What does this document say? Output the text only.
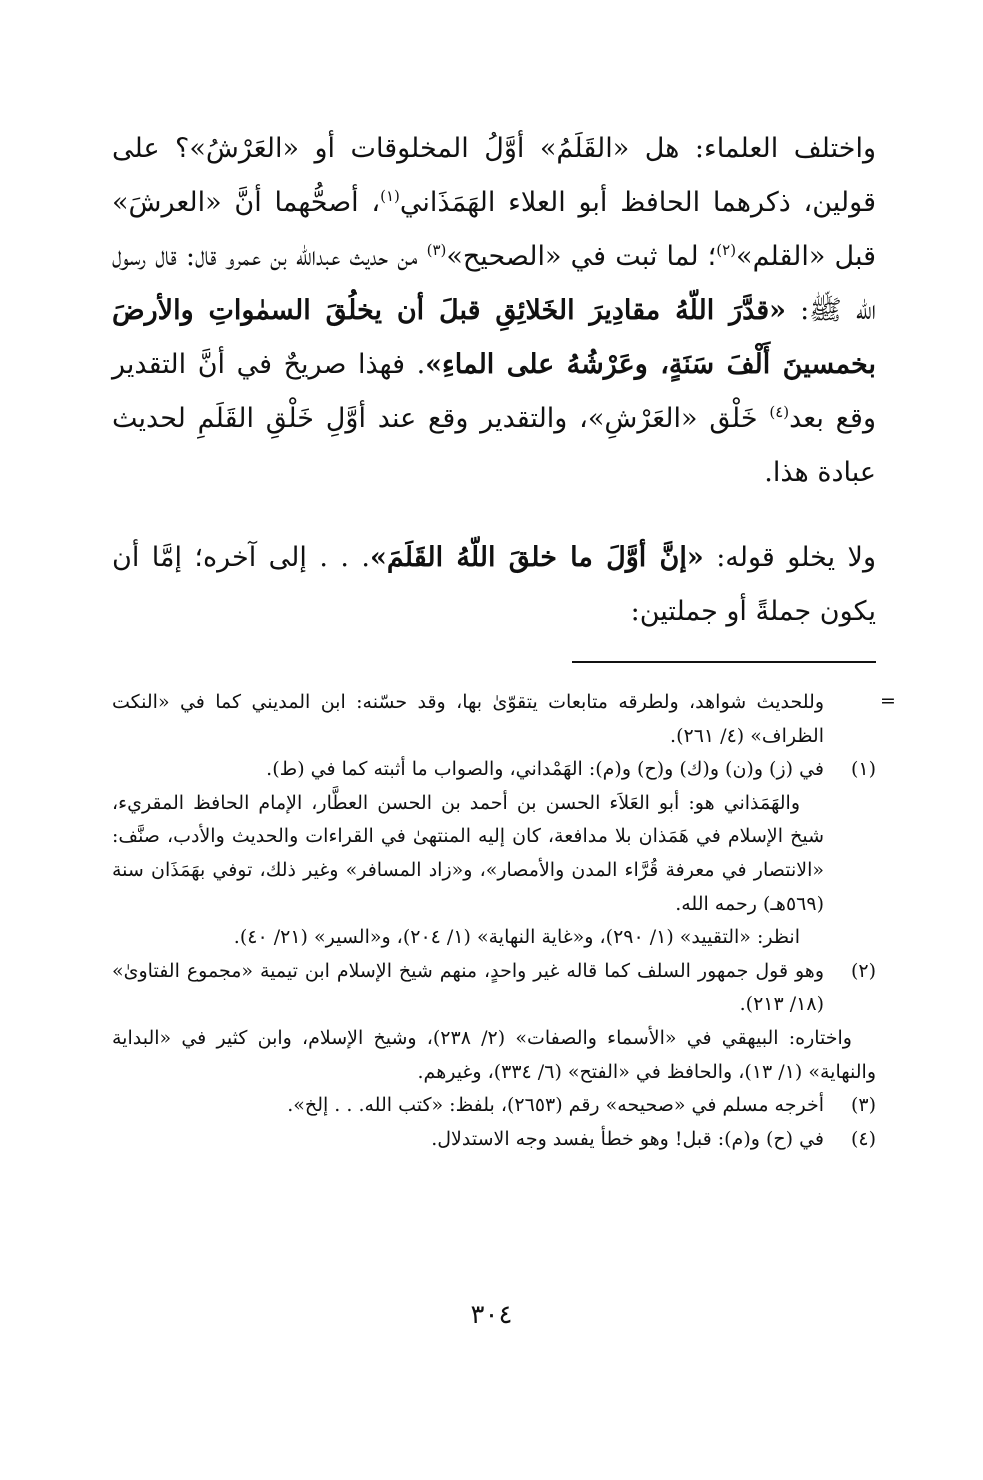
واختلف العلماء: هل «القَلَمُ» أوَّلُ المخلوقات أو «العَرْشُ»؟ على قولين، ذكرهما الحافظ أبو العلاء الهَمَذَاني$^{(١)}$، أصحُّهما أنَّ «العرشَ» قبل «القلم»$^{(٢)}$؛ لما ثبت في «الصحيح»$^{(٣)}$ من حديث عبدالله بن عمرو قال: قال رسول الله ﷺ: «قدَّرَ اللّهُ مقادِيرَ الخَلائِقِ قبلَ أن يخلُقَ السمٰواتِ والأرضَ بخمسينَ أَلْفَ سَنَةٍ، وعَرْشُهُ على الماءِ». فهذا صريحٌ في أنَّ التقدير وقع بعد$^{(٤)}$ خَلْق «العَرْشِ»، والتقدير وقع عند أوَّلِ خَلْقِ القَلَمِ لحديث عبادة هذا.

ولا يخلو قوله: «إنَّ أوَّلَ ما خلقَ اللّهُ القَلَمَ». . . إلى آخره؛ إمَّا أن يكون جملةً أو جملتين:

=
وللحديث شواهد، ولطرقه متابعات يتقوّىٰ بها، وقد حسّنه: ابن المديني كما في «النكت الظراف» (٤/ ٢٦١).
(١)
في (ز) و(ن) و(ك) و(ح) و(م): الهَمْداني، والصواب ما أثبته كما في (ط).
والهَمَذاني هو: أبو العَلاَء الحسن بن أحمد بن الحسن العطَّار، الإمام الحافظ المقريء، شيخ الإسلام في هَمَذان بلا مدافعة، كان إليه المنتهىٰ في القراءات والحديث والأدب، صنَّف: «الانتصار في معرفة قُرَّاء المدن والأمصار»، و«زاد المسافر» وغير ذلك، توفي بهَمَذَان سنة (٥٦٩هـ) رحمه الله.
انظر: «التقييد» (١/ ٢٩٠)، و«غاية النهاية» (١/ ٢٠٤)، و«السير» (٢١/ ٤٠).
(٢)
وهو قول جمهور السلف كما قاله غير واحدٍ، منهم شيخ الإسلام ابن تيمية «مجموع الفتاوىٰ» (١٨/ ٢١٣).
واختاره: البيهقي في «الأسماء والصفات» (٢/ ٢٣٨)، وشيخ الإسلام، وابن كثير في «البداية والنهاية» (١/ ١٣)، والحافظ في «الفتح» (٦/ ٣٣٤)، وغيرهم.
(٣)
أخرجه مسلم في «صحيحه» رقم (٢٦٥٣)، بلفظ: «كتب الله. . . إلخ».
(٤)
في (ح) و(م): قبل! وهو خطأ يفسد وجه الاستدلال.
٣٠٤
